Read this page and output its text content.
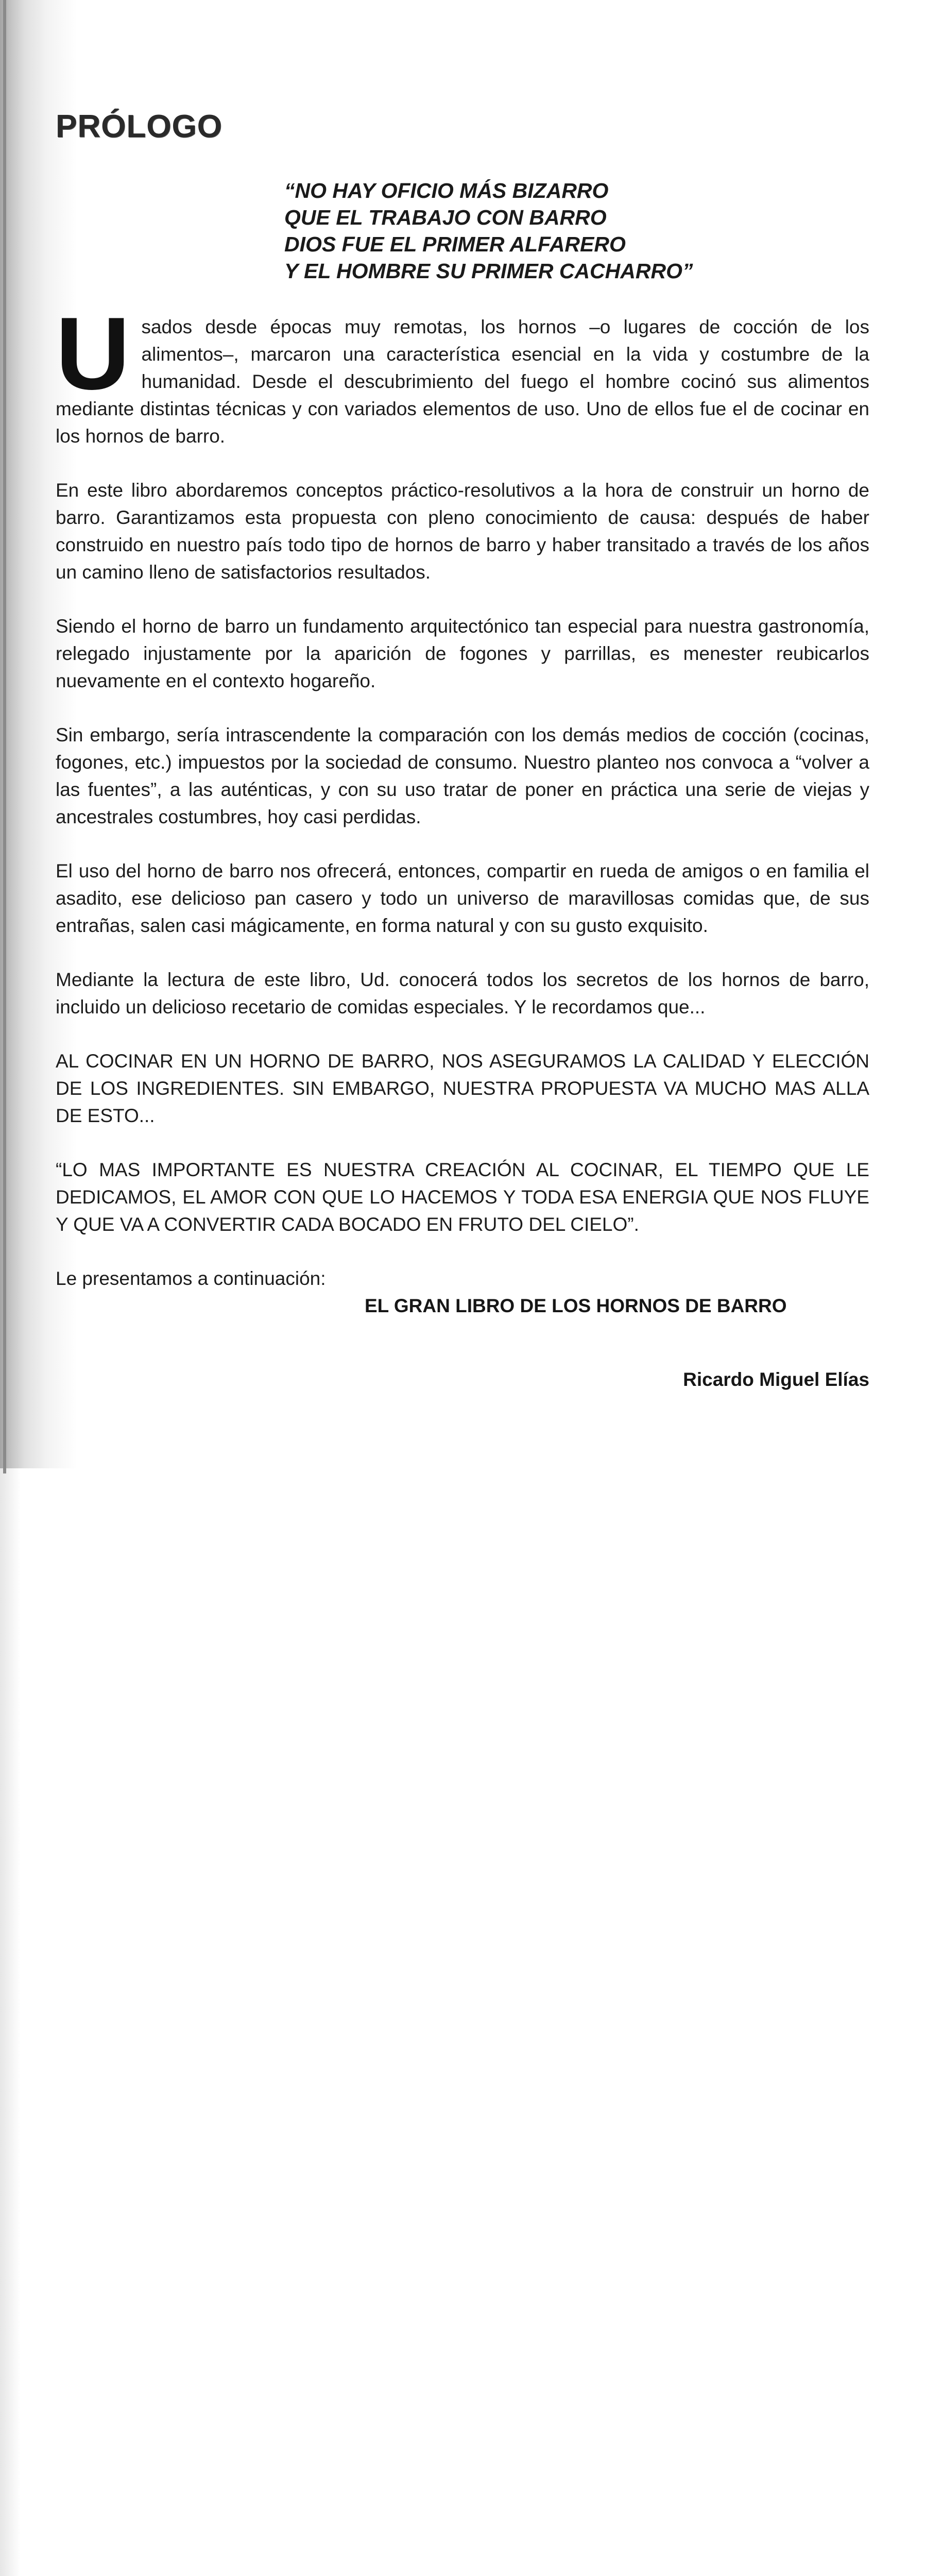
PRÓLOGO
“NO HAY OFICIO MÁS BIZARRO
QUE EL TRABAJO CON BARRO
DIOS FUE EL PRIMER ALFARERO
Y EL HOMBRE SU PRIMER CACHARRO”

Usados desde épocas muy remotas, los hornos –o lugares de cocción de los alimentos–, marcaron una característica esencial en la vida y costumbre de la humanidad. Desde el descubrimiento del fuego el hombre cocinó sus alimentos mediante distintas técnicas y con variados elementos de uso. Uno de ellos fue el de cocinar en los hornos de barro.

En este libro abordaremos conceptos práctico-resolutivos a la hora de construir un horno de barro. Garantizamos esta propuesta con pleno conocimiento de causa: después de haber construido en nuestro país todo tipo de hornos de barro y haber transitado a través de los años un camino lleno de satisfactorios resultados.

Siendo el horno de barro un fundamento arquitectónico tan especial para nuestra gastronomía, relegado injustamente por la aparición de fogones y parrillas, es menester reubicarlos nuevamente en el contexto hogareño.

Sin embargo, sería intrascendente la comparación con los demás medios de cocción (cocinas, fogones, etc.) impuestos por la sociedad de consumo. Nuestro planteo nos convoca a “volver a las fuentes”, a las auténticas, y con su uso tratar de poner en práctica una serie de viejas y ancestrales costumbres, hoy casi perdidas.

El uso del horno de barro nos ofrecerá, entonces, compartir en rueda de amigos o en familia el asadito, ese delicioso pan casero y todo un universo de maravillosas comidas que, de sus entrañas, salen casi mágicamente, en forma natural y con su gusto exquisito.

Mediante la lectura de este libro, Ud. conocerá todos los secretos de los hornos de barro, incluido un delicioso recetario de comidas especiales. Y le recordamos que...

AL COCINAR EN UN HORNO DE BARRO, NOS ASEGURAMOS LA CALIDAD Y ELECCIÓN DE LOS INGREDIENTES. SIN EMBARGO, NUESTRA PROPUESTA VA MUCHO MAS ALLA DE ESTO...

“LO MAS IMPORTANTE ES NUESTRA CREACIÓN AL COCINAR, EL TIEMPO QUE LE DEDICAMOS, EL AMOR CON QUE LO HACEMOS Y TODA ESA ENERGIA QUE NOS FLUYE Y QUE VA A CONVERTIR CADA BOCADO EN FRUTO DEL CIELO”.

Le presentamos a continuación:

EL GRAN LIBRO DE LOS HORNOS DE BARRO

Ricardo Miguel Elías
